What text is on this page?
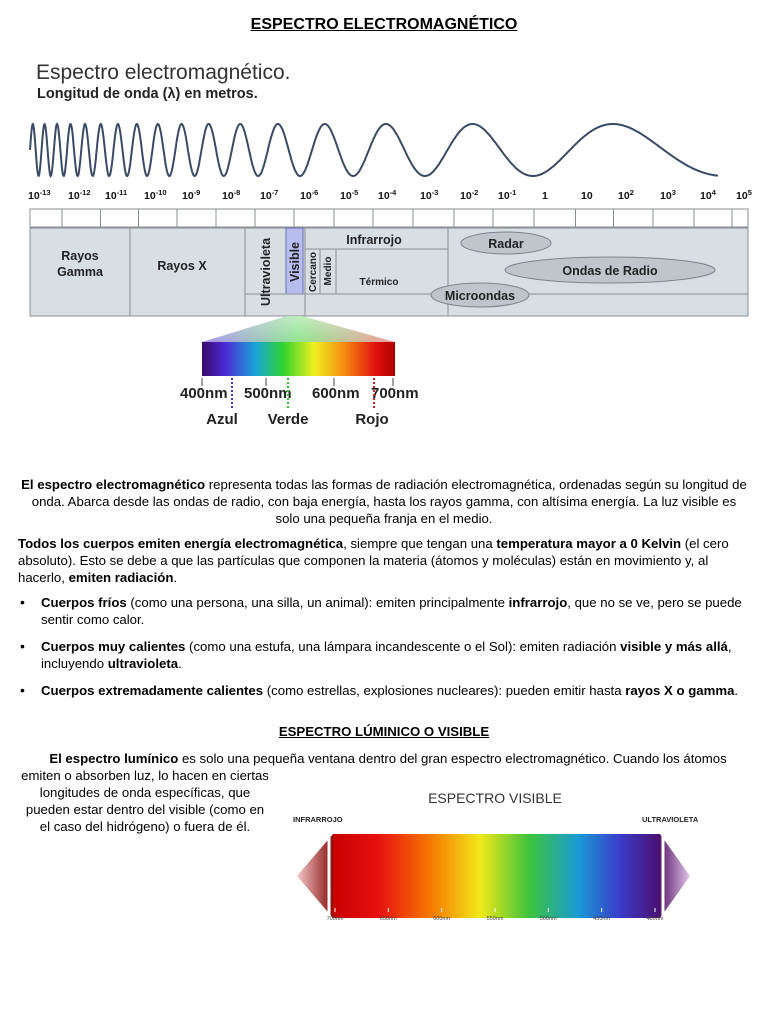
ESPECTRO ELECTROMAGNÉTICO
Espectro electromagnético.
Longitud de onda (λ) en metros.
$10^{-13}$ $10^{-12}$ $10^{-11}$ $10^{-10}$ $10^{-9}$ $10^{-8}$ $10^{-7}$ $10^{-6}$ $10^{-5}$ $10^{-4}$ $10^{-3}$ $10^{-2}$ $10^{-1}$ 1	10 $10^2$ $10^3$ $10^4$ $10^5$
Rayos
Gamma	Rayos X	Ultravioleta Visible
Infrarrojo
Cercano Medio	Térmico
Radar
Ondas de Radio
Microondas
400nm 500nm 600nm 700nm
Azul Verde	Rojo
El espectro electromagnético representa todas las formas de radiación electromagnética, ordenadas según su longitud de onda. Abarca desde las ondas de radio, con baja energía, hasta los rayos gamma, con altísima energía. La luz visible es solo una pequeña franja en el medio.
Todos los cuerpos emiten energía electromagnética, siempre que tengan una temperatura mayor a 0 Kelvin (el cero absoluto). Esto se debe a que las partículas que componen la materia (átomos y moléculas) están en movimiento y, al hacerlo, emiten radiación.
• Cuerpos fríos (como una persona, una silla, un animal): emiten principalmente infrarrojo, que no se ve, pero se puede sentir como calor.
• Cuerpos muy calientes (como una estufa, una lámpara incandescente o el Sol): emiten radiación visible y más allá, incluyendo ultravioleta.
• Cuerpos extremadamente calientes (como estrellas, explosiones nucleares): pueden emitir hasta rayos X o gamma.
ESPECTRO LÚMINICO O VISIBLE
El espectro lumínico es solo una pequeña ventana dentro del gran espectro electromagnético. Cuando los átomos
emiten o absorben luz, lo hacen en ciertas longitudes de onda específicas, que pueden estar dentro del visible (como en el caso del hidrógeno) o fuera de él.
ESPECTRO VISIBLE
INFRARROJO	ULTRAVIOLETA
700nm	650nm	600nm	550nm	500nm	450nm	400nm
